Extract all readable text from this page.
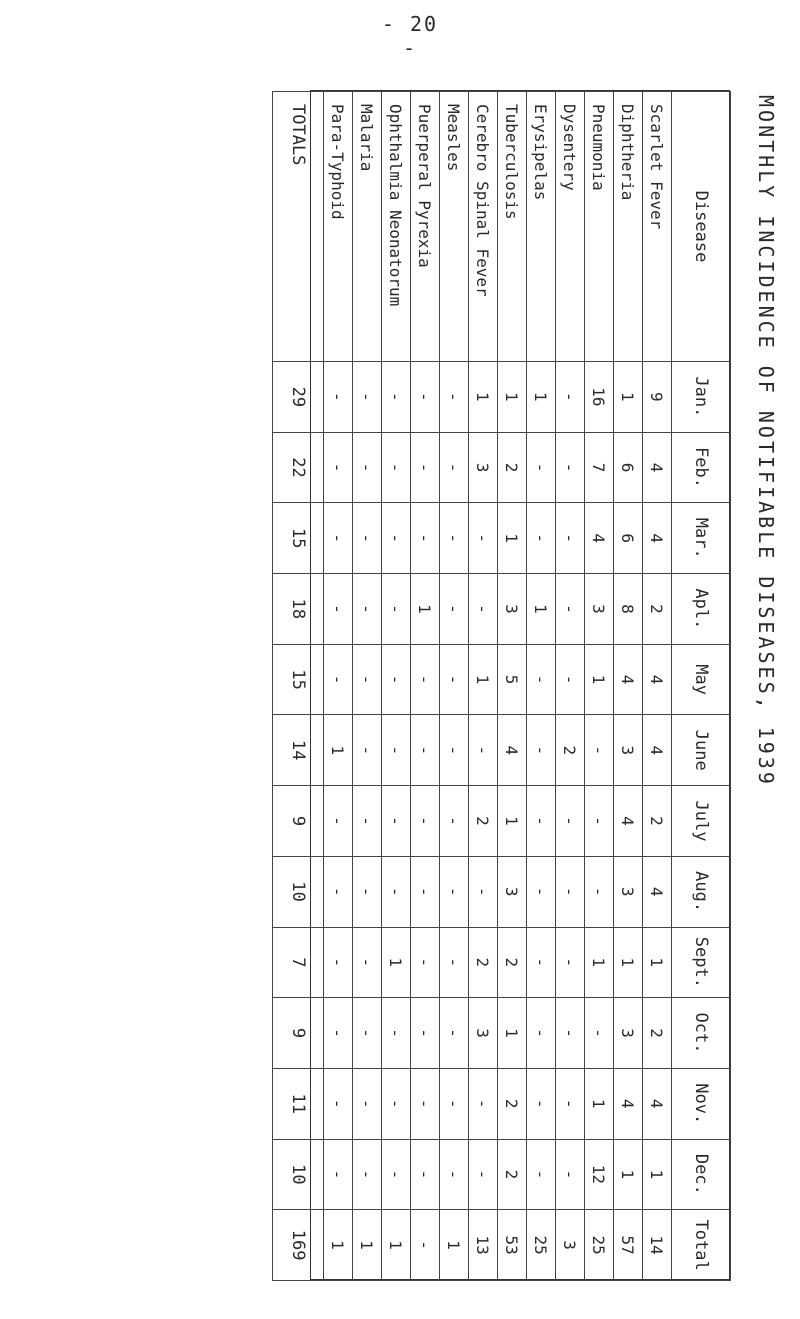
- 20 -
MONTHLY INCIDENCE OF NOTIFIABLE DISEASES, 1939
Disease	Jan.	Feb.	Mar.	Apl.	May	June	July	Aug.	Sept.	Oct.	Nov.	Dec.	Total
Scarlet Fever	9	4	4	2	4	4	2	4	1	2	4	1	14
Diphtheria	1	6	6	8	4	3	4	3	1	3	4	1	57
Pneumonia	16	7	4	3	1	-	-	-	1	-	1	12	25
Dysentery	-	-	-	-	-	2	-	-	-	-	-	-	3
Erysipelas	1	-	-	1	-	-	-	-	-	-	-	-	25
Tuberculosis	1	2	1	3	5	4	1	3	2	1	2	2	53
Cerebro Spinal Fever	1	3	-	-	1	-	2	-	2	3	-	-	13
Measles	-	-	-	-	-	-	-	-	-	-	-	-	1
Puerperal Pyrexia	-	-	-	1	-	-	-	-	-	-	-	-	-
Ophthalmia Neonatorum	-	-	-	-	-	-	-	-	1	-	-	-	1
Malaria	-	-	-	-	-	-	-	-	-	-	-	-	1
Para-Typhoid	-	-	-	-	-	1	-	-	-	-	-	-	1
TOTALS	29	22	15	18	15	14	9	10	7	9	11	10	169
